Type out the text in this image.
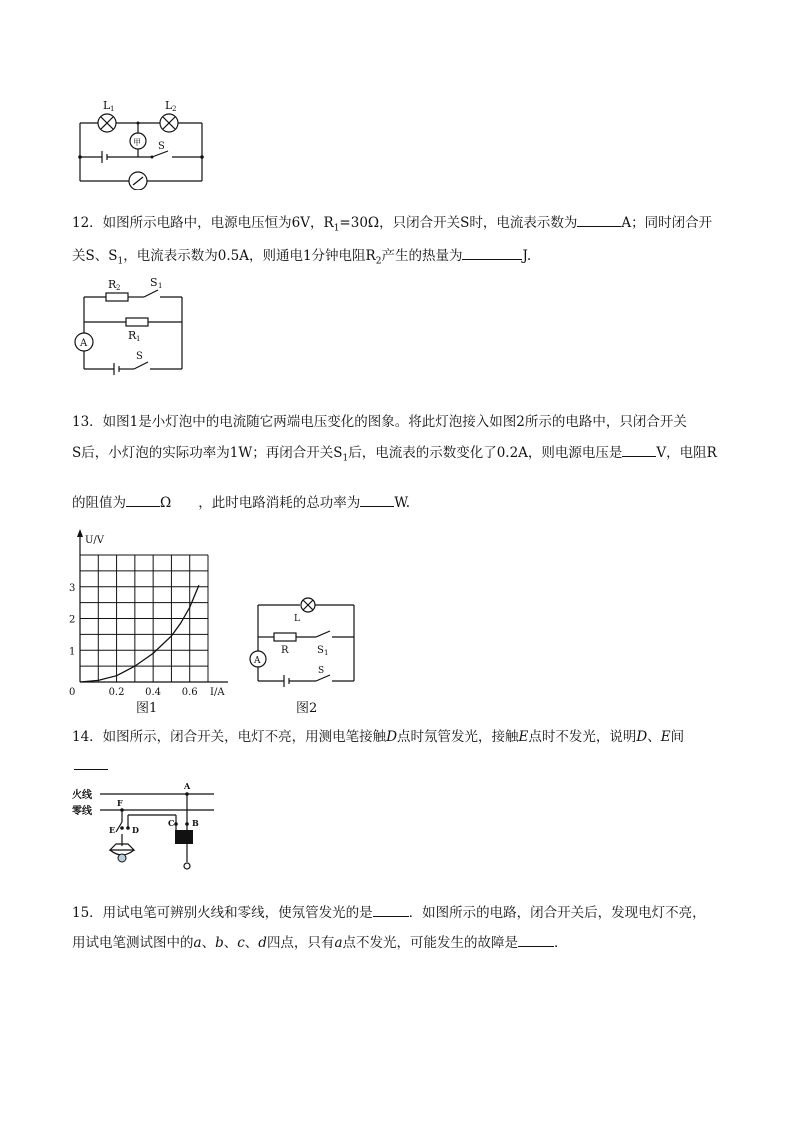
L 1	L 2
甲 S
12．如图所示电路中，电源电压恒为6V，$R_1=30\Omega$，只闭合开关S时，电流表示数为	A；同时闭合开
关S、$S_1$，电流表示数为0.5A，则通电1分钟电阻$R_2$产生的热量为	J.
A
R 2	S 1
R 1
S
13．如图1是小灯泡中的电流随它两端电压变化的图象。将此灯泡接入如图2所示的电路中，只闭合开关
S后，小灯泡的实际功率为1W；再闭合开关$S_1$后，电流表的示数变化了0.2A，则电源电压是	V，电阻R
的阻值为	Ω　　，此时电路消耗的总功率为	W.
1
2
3
0.2 0.4 0.6
0
U/V
I/A
图1
A
L
R	S 1
S
图2
14．如图所示，闭合开关，电灯不亮，用测电笔接触D点时氖管发光，接触E点时不发光，说明D、E间
火线
零线
A
F
E D
C B
15．用试电笔可辨别火线和零线，使氖管发光的是	．如图所示的电路，闭合开关后，发现电灯不亮，
用试电笔测试图中的a、b、c、d四点，只有a点不发光，可能发生的故障是	．
